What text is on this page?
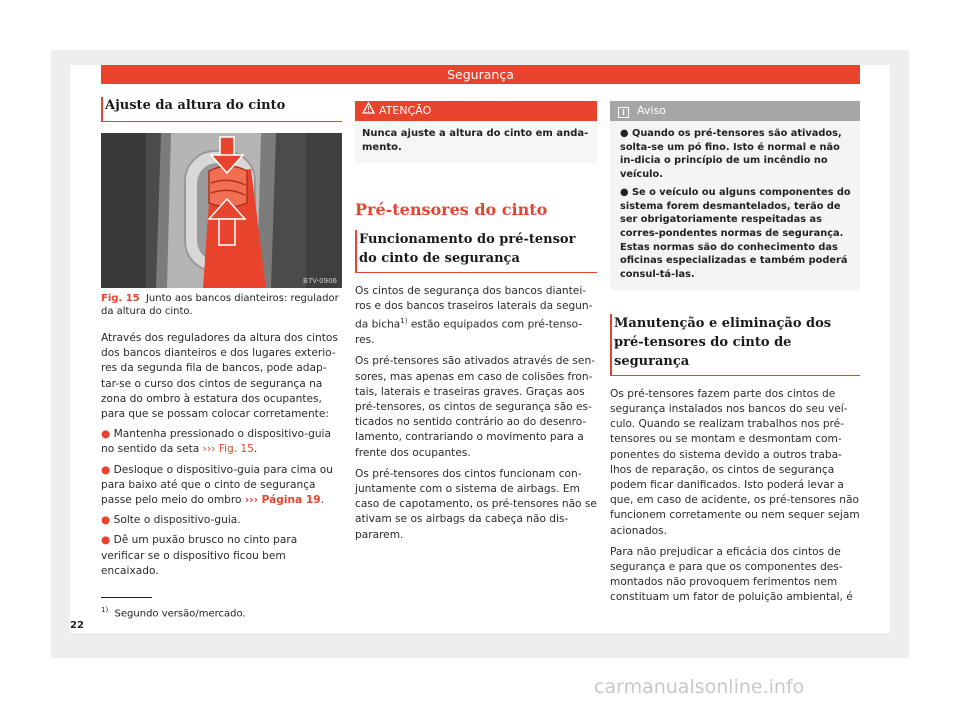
Segurança
Ajuste da altura do cinto
B7V-0906
Fig. 15 Junto aos bancos dianteiros: regulador da altura do cinto.
Através dos reguladores da altura dos cintos dos bancos dianteiros e dos lugares exterio-res da segunda fila de bancos, pode adap-tar-se o curso dos cintos de segurança na zona do ombro à estatura dos ocupantes, para que se possam colocar corretamente:
● Mantenha pressionado o dispositivo-guia no sentido da seta ››› Fig. 15.
● Desloque o dispositivo-guia para cima ou para baixo até que o cinto de segurança passe pelo meio do ombro ››› Página 19.
● Solte o dispositivo-guia.
● Dê um puxão brusco no cinto para verificar se o dispositivo ficou bem encaixado.
ATENÇÃO
Nunca ajuste a altura do cinto em anda-mento.
Pré-tensores do cinto
Funcionamento do pré-tensor do cinto de segurança
Os cintos de segurança dos bancos diantei-ros e dos bancos traseiros laterais da segun-da bicha$^{1)}$ estão equipados com pré-tenso-res.
Os pré-tensores são ativados através de sen-sores, mas apenas em caso de colisões fron-tais, laterais e traseiras graves. Graças aos pré-tensores, os cintos de segurança são es-ticados no sentido contrário ao do desenro-lamento, contrariando o movimento para a frente dos ocupantes.
Os pré-tensores dos cintos funcionam con-juntamente com o sistema de airbags. Em caso de capotamento, os pré-tensores não se ativam se os airbags da cabeça não dis-pararem.
i Aviso
● Quando os pré-tensores são ativados, solta-se um pó fino. Isto é normal e não in-dicia o princípio de um incêndio no veículo.
● Se o veículo ou alguns componentes do sistema forem desmantelados, terão de ser obrigatoriamente respeitadas as corres-pondentes normas de segurança. Estas normas são do conhecimento das oficinas especializadas e também poderá consul-tá-las.
Manutenção e eliminação dos pré-tensores do cinto de segurança
Os pré-tensores fazem parte dos cintos de segurança instalados nos bancos do seu veí-culo. Quando se realizam trabalhos nos pré-tensores ou se montam e desmontam com-ponentes do sistema devido a outros traba-lhos de reparação, os cintos de segurança podem ficar danificados. Isto poderá levar a que, em caso de acidente, os pré-tensores não funcionem corretamente ou nem sequer sejam acionados.
Para não prejudicar a eficácia dos cintos de segurança e para que os componentes des-montados não provoquem ferimentos nem constituam um fator de poluição ambiental, é
$^{1)}$ Segundo versão/mercado.
22
carmanualsonline.info
